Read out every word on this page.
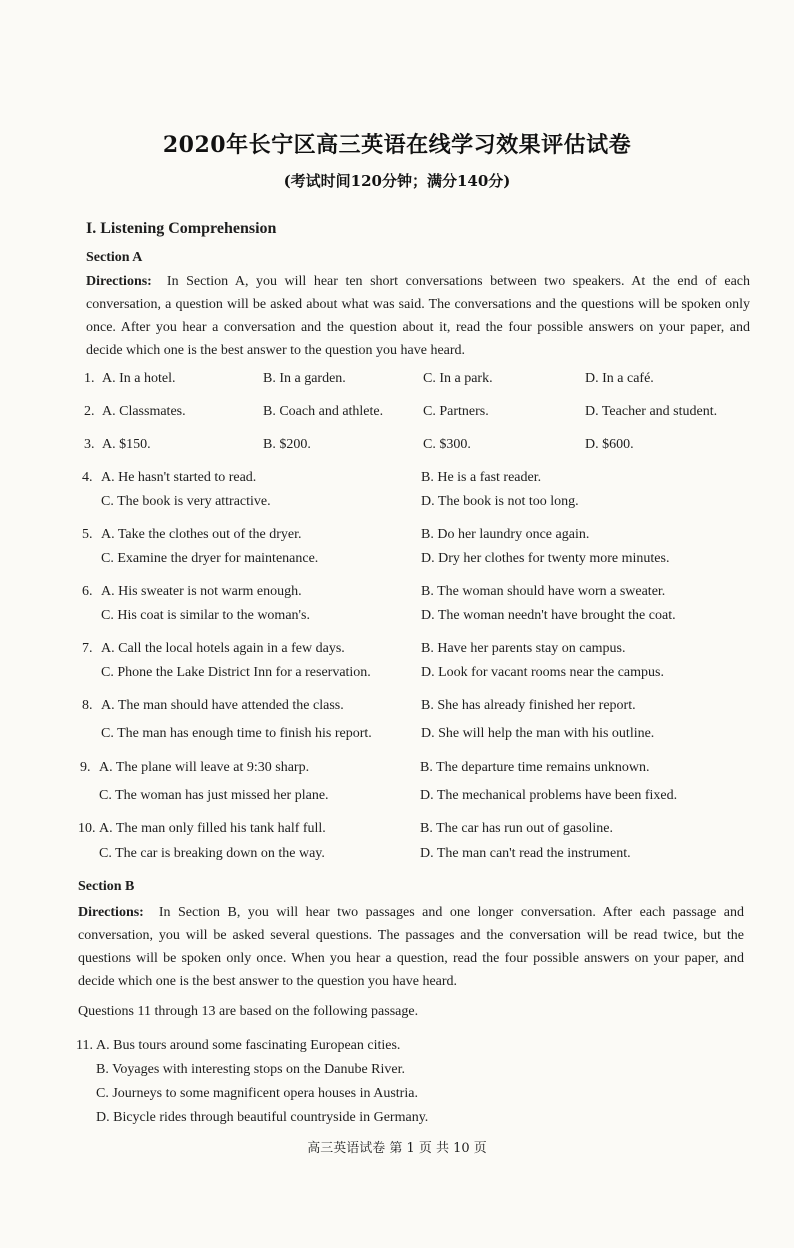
2020年长宁区高三英语在线学习效果评估试卷
(考试时间120分钟；满分140分)
I. Listening Comprehension
Section A
Directions: In Section A, you will hear ten short conversations between two speakers. At the end of each conversation, a question will be asked about what was said. The conversations and the questions will be spoken only once. After you hear a conversation and the question about it, read the four possible answers on your paper, and decide which one is the best answer to the question you have heard.
1. A. In a hotel.	B. In a garden.	C. In a park.	D. In a café.
2. A. Classmates.	B. Coach and athlete.	C. Partners.	D. Teacher and student.
3. A. $150.	B. $200.	C. $300.	D. $600.
4. A. He hasn't started to read.	B. He is a fast reader.
C. The book is very attractive.	D. The book is not too long.
5. A. Take the clothes out of the dryer.	B. Do her laundry once again.
C. Examine the dryer for maintenance.	D. Dry her clothes for twenty more minutes.
6. A. His sweater is not warm enough.	B. The woman should have worn a sweater.
C. His coat is similar to the woman's.	D. The woman needn't have brought the coat.
7. A. Call the local hotels again in a few days.	B. Have her parents stay on campus.
C. Phone the Lake District Inn for a reservation.	D. Look for vacant rooms near the campus.
8. A. The man should have attended the class.	B. She has already finished her report.
C. The man has enough time to finish his report.	D. She will help the man with his outline.
9. A. The plane will leave at 9:30 sharp.	B. The departure time remains unknown.
C. The woman has just missed her plane.	D. The mechanical problems have been fixed.
10. A. The man only filled his tank half full.	B. The car has run out of gasoline.
C. The car is breaking down on the way.	D. The man can't read the instrument.
Section B
Directions: In Section B, you will hear two passages and one longer conversation. After each passage and conversation, you will be asked several questions. The passages and the conversation will be read twice, but the questions will be spoken only once. When you hear a question, read the four possible answers on your paper, and decide which one is the best answer to the question you have heard.
Questions 11 through 13 are based on the following passage.
11. A. Bus tours around some fascinating European cities.
B. Voyages with interesting stops on the Danube River.
C. Journeys to some magnificent opera houses in Austria.
D. Bicycle rides through beautiful countryside in Germany.
高三英语试卷 第 1 页 共 10 页
